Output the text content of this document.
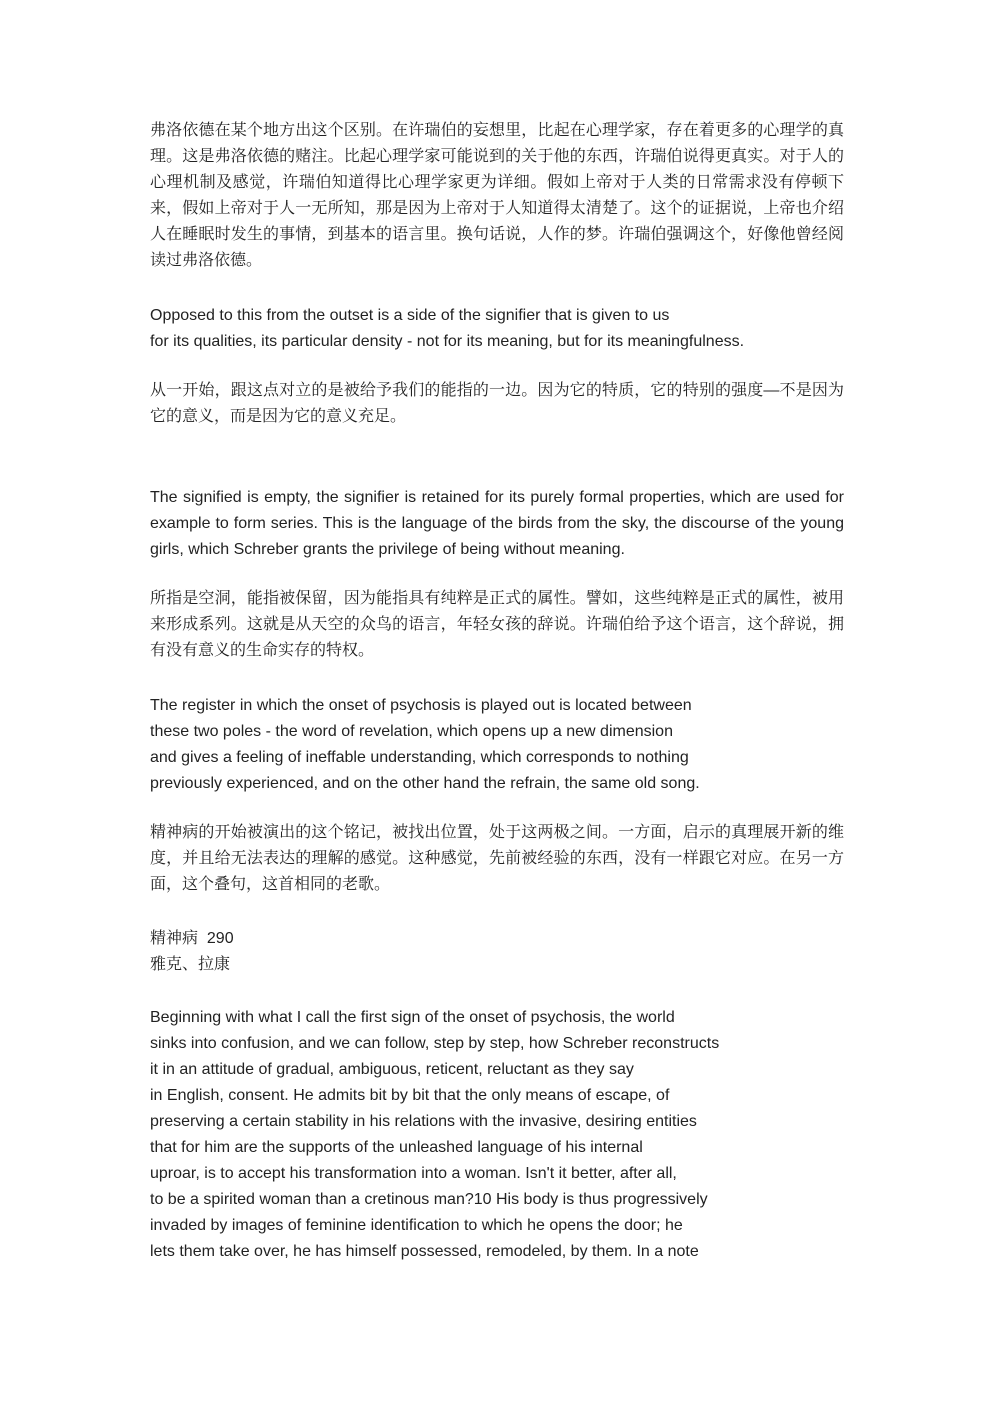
弗洛依德在某个地方出这个区别。在许瑞伯的妄想里，比起在心理学家，存在着更多的心理学的真理。这是弗洛依德的赌注。比起心理学家可能说到的关于他的东西，许瑞伯说得更真实。对于人的心理机制及感觉，许瑞伯知道得比心理学家更为详细。假如上帝对于人类的日常需求没有停顿下来，假如上帝对于人一无所知，那是因为上帝对于人知道得太清楚了。这个的证据说，上帝也介绍人在睡眠时发生的事情，到基本的语言里。换句话说，人作的梦。许瑞伯强调这个，好像他曾经阅读过弗洛依德。

Opposed to this from the outset is a side of the signifier that is given to us
for its qualities, its particular density - not for its meaning, but for its meaningfulness.

从一开始，跟这点对立的是被给予我们的能指的一边。因为它的特质，它的特别的强度—不是因为它的意义，而是因为它的意义充足。

The signified is empty, the signifier is retained for its purely formal properties, which are used for example to form series. This is the language of the birds from the sky, the discourse of the young girls, which Schreber grants the privilege of being without meaning.

所指是空洞，能指被保留，因为能指具有纯粹是正式的属性。譬如，这些纯粹是正式的属性，被用来形成系列。这就是从天空的众鸟的语言，年轻女孩的辞说。许瑞伯给予这个语言，这个辞说，拥有没有意义的生命实存的特权。

The register in which the onset of psychosis is played out is located between
these two poles - the word of revelation, which opens up a new dimension
and gives a feeling of ineffable understanding, which corresponds to nothing
previously experienced, and on the other hand the refrain, the same old song.

精神病的开始被演出的这个铭记，被找出位置，处于这两极之间。一方面，启示的真理展开新的维度，并且给无法表达的理解的感觉。这种感觉，先前被经验的东西，没有一样跟它对应。在另一方面，这个叠句，这首相同的老歌。

精神病 290
雅克、拉康

Beginning with what I call the first sign of the onset of psychosis, the world
sinks into confusion, and we can follow, step by step, how Schreber reconstructs
it in an attitude of gradual, ambiguous, reticent, reluctant as they say
in English, consent. He admits bit by bit that the only means of escape, of
preserving a certain stability in his relations with the invasive, desiring entities
that for him are the supports of the unleashed language of his internal
uproar, is to accept his transformation into a woman. Isn't it better, after all,
to be a spirited woman than a cretinous man?10 His body is thus progressively
invaded by images of feminine identification to which he opens the door; he
lets them take over, he has himself possessed, remodeled, by them. In a note
